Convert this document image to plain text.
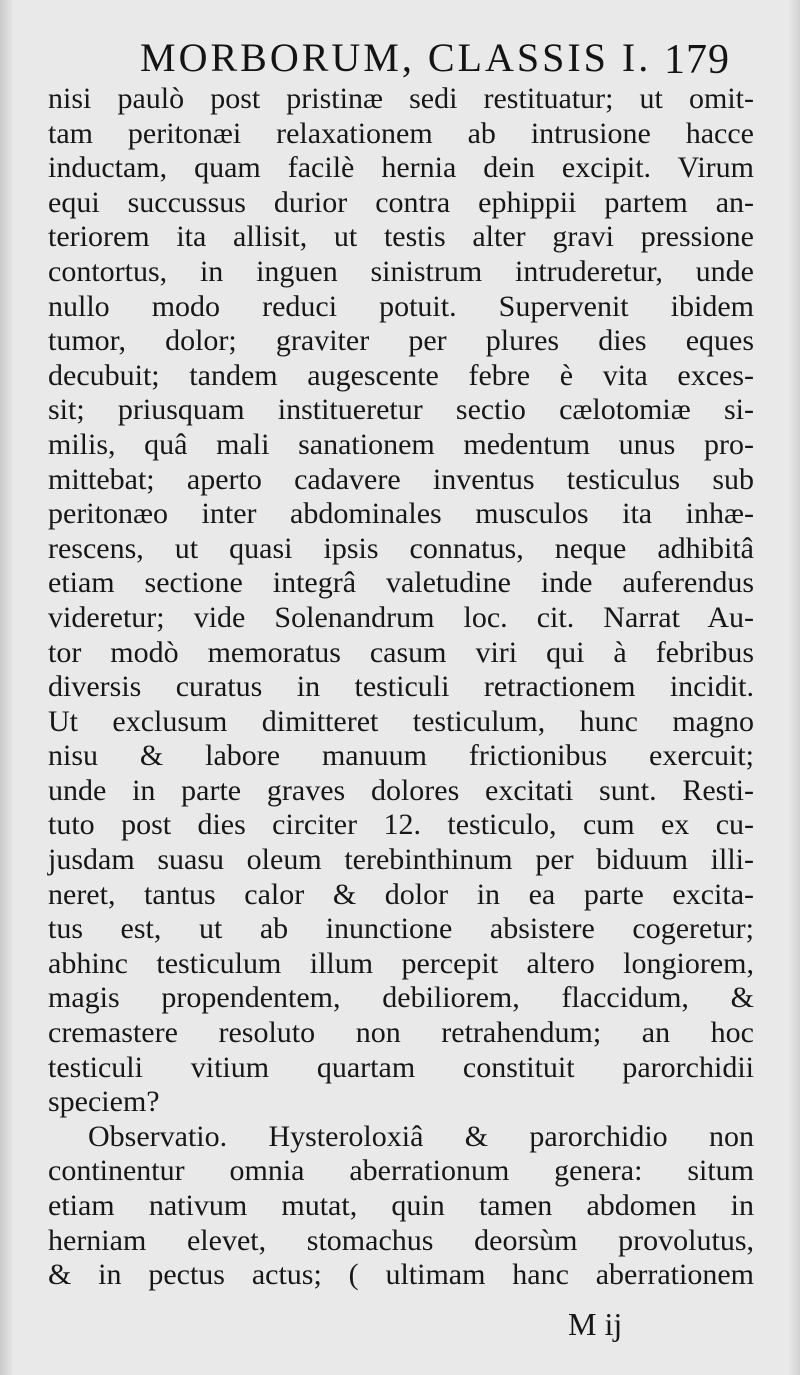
MORBORUM, CLASSIS I. 179
nisi paulò post pristinæ sedi restituatur; ut omit-
tam peritonæi relaxationem ab intrusione hacce
inductam, quam facilè hernia dein excipit. Virum
equi succussus durior contra ephippii partem an-
teriorem ita allisit, ut testis alter gravi pressione
contortus, in inguen sinistrum intruderetur, unde
nullo modo reduci potuit. Supervenit ibidem
tumor, dolor; graviter per plures dies eques
decubuit; tandem augescente febre è vita exces-
sit; priusquam institueretur sectio cælotomiæ si-
milis, quâ mali sanationem medentum unus pro-
mittebat; aperto cadavere inventus testiculus sub
peritonæo inter abdominales musculos ita inhæ-
rescens, ut quasi ipsis connatus, neque adhibitâ
etiam sectione integrâ valetudine inde auferendus
videretur; vide Solenandrum loc. cit. Narrat Au-
tor modò memoratus casum viri qui à febribus
diversis curatus in testiculi retractionem incidit.
Ut exclusum dimitteret testiculum, hunc magno
nisu & labore manuum frictionibus exercuit;
unde in parte graves dolores excitati sunt. Resti-
tuto post dies circiter 12. testiculo, cum ex cu-
jusdam suasu oleum terebinthinum per biduum illi-
neret, tantus calor & dolor in ea parte excita-
tus est, ut ab inunctione absistere cogeretur;
abhinc testiculum illum percepit altero longiorem,
magis propendentem, debiliorem, flaccidum, &
cremastere resoluto non retrahendum; an hoc
testiculi vitium quartam constituit parorchidii
speciem?
Observatio. Hysteroloxiâ & parorchidio non
continentur omnia aberrationum genera: situm
etiam nativum mutat, quin tamen abdomen in
herniam elevet, stomachus deorsùm provolutus,
& in pectus actus; ( ultimam hanc aberrationem
M ij
